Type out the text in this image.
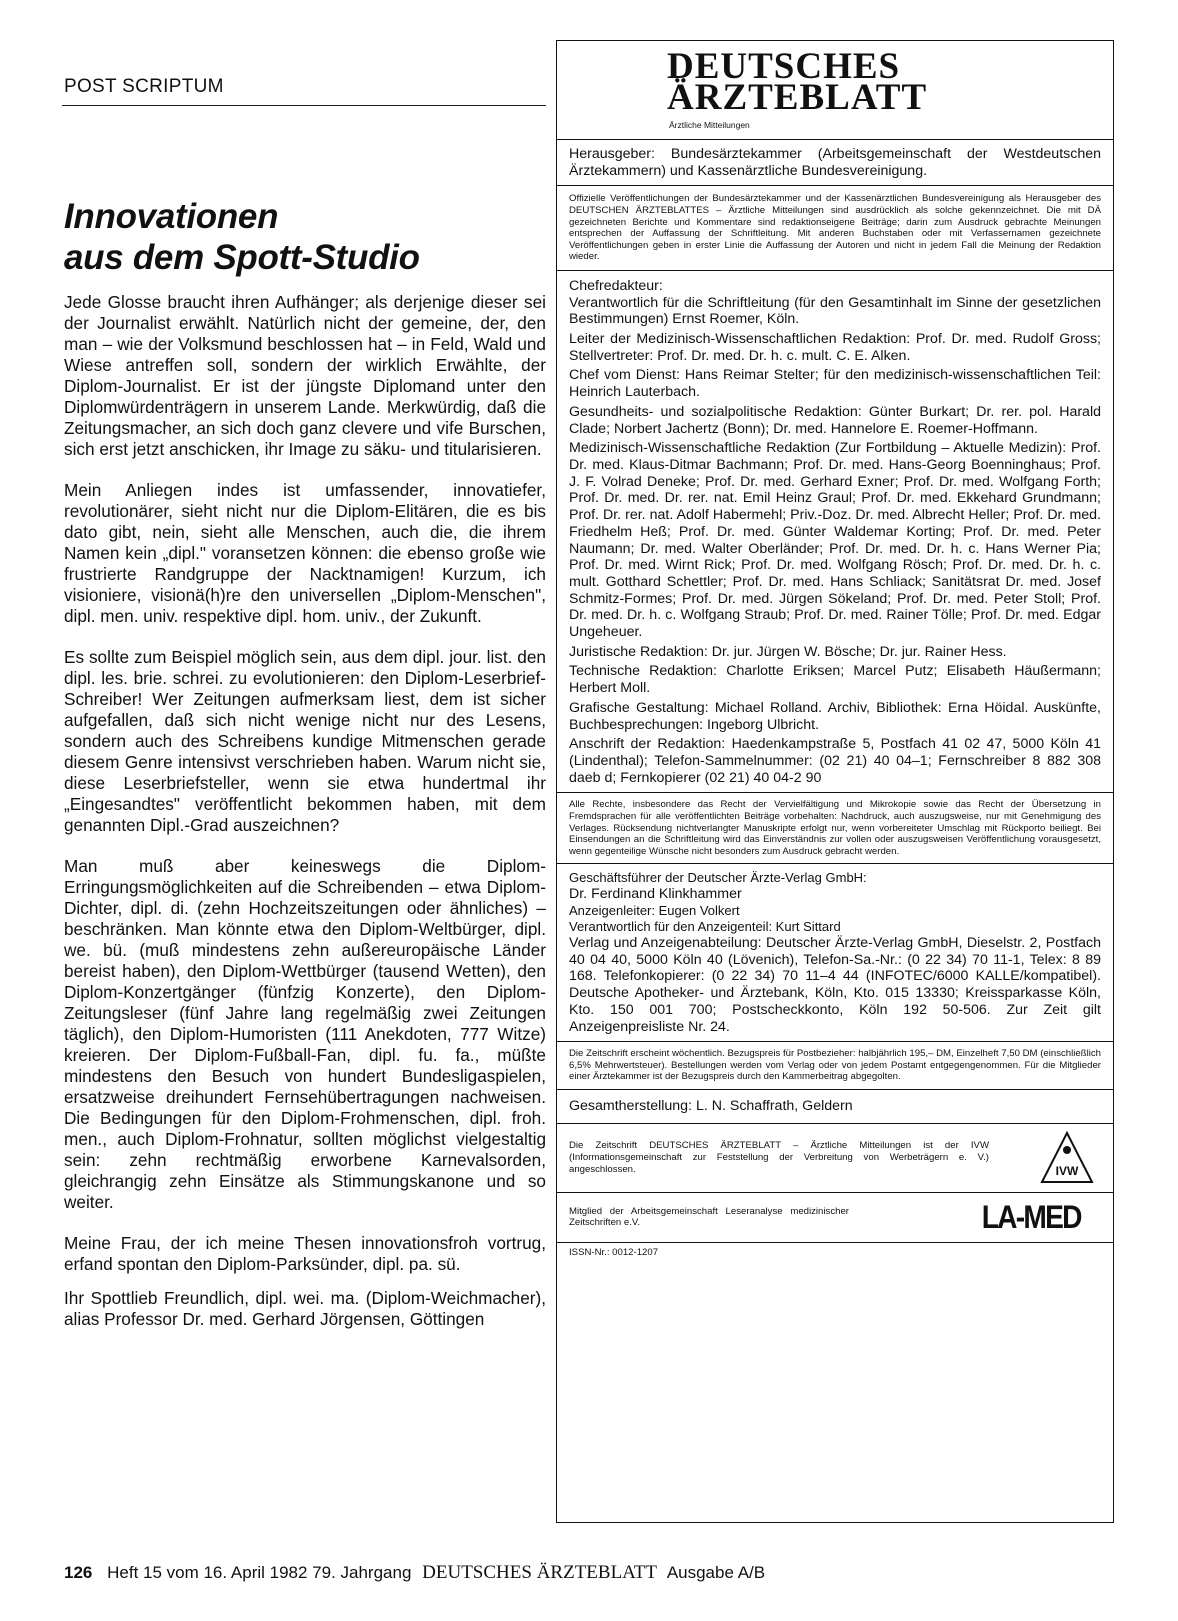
POST SCRIPTUM
Innovationen
aus dem Spott-Studio

Jede Glosse braucht ihren Aufhänger; als derjenige dieser sei der Journalist erwählt. Natürlich nicht der gemeine, der, den man – wie der Volksmund beschlossen hat – in Feld, Wald und Wiese antreffen soll, sondern der wirklich Erwählte, der Diplom-Journalist. Er ist der jüngste Diplomand unter den Diplomwürdenträgern in unserem Lande. Merkwürdig, daß die Zeitungsmacher, an sich doch ganz clevere und vife Burschen, sich erst jetzt anschicken, ihr Image zu säku- und titularisieren.

Mein Anliegen indes ist umfassender, innovatiefer, revolutionärer, sieht nicht nur die Diplom-Elitären, die es bis dato gibt, nein, sieht alle Menschen, auch die, die ihrem Namen kein „dipl." voransetzen können: die ebenso große wie frustrierte Randgruppe der Nacktnamigen! Kurzum, ich visioniere, visionä(h)re den universellen „Diplom-Menschen", dipl. men. univ. respektive dipl. hom. univ., der Zukunft.

Es sollte zum Beispiel möglich sein, aus dem dipl. jour. list. den dipl. les. brie. schrei. zu evolutionieren: den Diplom-Leserbrief-Schreiber! Wer Zeitungen aufmerksam liest, dem ist sicher aufgefallen, daß sich nicht wenige nicht nur des Lesens, sondern auch des Schreibens kundige Mitmenschen gerade diesem Genre intensivst verschrieben haben. Warum nicht sie, diese Leserbriefsteller, wenn sie etwa hundertmal ihr „Eingesandtes" veröffentlicht bekommen haben, mit dem genannten Dipl.-Grad auszeichnen?

Man muß aber keineswegs die Diplom-Erringungsmöglichkeiten auf die Schreibenden – etwa Diplom-Dichter, dipl. di. (zehn Hochzeitszeitungen oder ähnliches) – beschränken. Man könnte etwa den Diplom-Weltbürger, dipl. we. bü. (muß mindestens zehn außereuropäische Länder bereist haben), den Diplom-Wettbürger (tausend Wetten), den Diplom-Konzertgänger (fünfzig Konzerte), den Diplom-Zeitungsleser (fünf Jahre lang regelmäßig zwei Zeitungen täglich), den Diplom-Humoristen (111 Anekdoten, 777 Witze) kreieren. Der Diplom-Fußball-Fan, dipl. fu. fa., müßte mindestens den Besuch von hundert Bundesligaspielen, ersatzweise dreihundert Fernsehübertragungen nachweisen. Die Bedingungen für den Diplom-Frohmenschen, dipl. froh. men., auch Diplom-Frohnatur, sollten möglichst vielgestaltig sein: zehn rechtmäßig erworbene Karnevalsorden, gleichrangig zehn Einsätze als Stimmungskanone und so weiter.

Meine Frau, der ich meine Thesen innovationsfroh vortrug, erfand spontan den Diplom-Parksünder, dipl. pa. sü.

Ihr Spottlieb Freundlich, dipl. wei. ma. (Diplom-Weichmacher), alias Professor Dr. med. Gerhard Jörgensen, Göttingen

DEUTSCHES
ÄRZTEBLATT
Ärztliche Mitteilungen

Herausgeber: Bundesärztekammer (Arbeitsgemeinschaft der Westdeutschen Ärztekammern) und Kassenärztliche Bundesvereinigung.

Offizielle Veröffentlichungen der Bundesärztekammer und der Kassenärztlichen Bundesvereinigung als Herausgeber des DEUTSCHEN ÄRZTEBLATTES – Ärztliche Mitteilungen sind ausdrücklich als solche gekennzeichnet. Die mit DÄ gezeichneten Berichte und Kommentare sind redaktionseigene Beiträge; darin zum Ausdruck gebrachte Meinungen entsprechen der Auffassung der Schriftleitung. Mit anderen Buchstaben oder mit Verfassernamen gezeichnete Veröffentlichungen geben in erster Linie die Auffassung der Autoren und nicht in jedem Fall die Meinung der Redaktion wieder.

Chefredakteur:

Verantwortlich für die Schriftleitung (für den Gesamtinhalt im Sinne der gesetzlichen Bestimmungen) Ernst Roemer, Köln.

Leiter der Medizinisch-Wissenschaftlichen Redaktion: Prof. Dr. med. Rudolf Gross; Stellvertreter: Prof. Dr. med. Dr. h. c. mult. C. E. Alken.

Chef vom Dienst: Hans Reimar Stelter; für den medizinisch-wissenschaftlichen Teil: Heinrich Lauterbach.

Gesundheits- und sozialpolitische Redaktion: Günter Burkart; Dr. rer. pol. Harald Clade; Norbert Jachertz (Bonn); Dr. med. Hannelore E. Roemer-Hoffmann.

Medizinisch-Wissenschaftliche Redaktion (Zur Fortbildung – Aktuelle Medizin): Prof. Dr. med. Klaus-Ditmar Bachmann; Prof. Dr. med. Hans-Georg Boenninghaus; Prof. J. F. Volrad Deneke; Prof. Dr. med. Gerhard Exner; Prof. Dr. med. Wolfgang Forth; Prof. Dr. med. Dr. rer. nat. Emil Heinz Graul; Prof. Dr. med. Ekkehard Grundmann; Prof. Dr. rer. nat. Adolf Habermehl; Priv.-Doz. Dr. med. Albrecht Heller; Prof. Dr. med. Friedhelm Heß; Prof. Dr. med. Günter Waldemar Korting; Prof. Dr. med. Peter Naumann; Dr. med. Walter Oberländer; Prof. Dr. med. Dr. h. c. Hans Werner Pia; Prof. Dr. med. Wirnt Rick; Prof. Dr. med. Wolfgang Rösch; Prof. Dr. med. Dr. h. c. mult. Gotthard Schettler; Prof. Dr. med. Hans Schliack; Sanitätsrat Dr. med. Josef Schmitz-Formes; Prof. Dr. med. Jürgen Sökeland; Prof. Dr. med. Peter Stoll; Prof. Dr. med. Dr. h. c. Wolfgang Straub; Prof. Dr. med. Rainer Tölle; Prof. Dr. med. Edgar Ungeheuer.

Juristische Redaktion: Dr. jur. Jürgen W. Bösche; Dr. jur. Rainer Hess.

Technische Redaktion: Charlotte Eriksen; Marcel Putz; Elisabeth Häußermann; Herbert Moll.

Grafische Gestaltung: Michael Rolland. Archiv, Bibliothek: Erna Höidal. Auskünfte, Buchbesprechungen: Ingeborg Ulbricht.

Anschrift der Redaktion: Haedenkampstraße 5, Postfach 41 02 47, 5000 Köln 41 (Lindenthal); Telefon-Sammelnummer: (02 21) 40 04–1; Fernschreiber 8 882 308 daeb d; Fernkopierer (02 21) 40 04-2 90

Alle Rechte, insbesondere das Recht der Vervielfältigung und Mikrokopie sowie das Recht der Übersetzung in Fremdsprachen für alle veröffentlichten Beiträge vorbehalten: Nachdruck, auch auszugsweise, nur mit Genehmigung des Verlages. Rücksendung nichtverlangter Manuskripte erfolgt nur, wenn vorbereiteter Umschlag mit Rückporto beiliegt. Bei Einsendungen an die Schriftleitung wird das Einverständnis zur vollen oder auszugsweisen Veröffentlichung vorausgesetzt, wenn gegenteilige Wünsche nicht besonders zum Ausdruck gebracht werden.
Geschäftsführer der Deutscher Ärzte-Verlag GmbH:
Dr. Ferdinand Klinkhammer
Anzeigenleiter: Eugen Volkert
Verantwortlich für den Anzeigenteil: Kurt Sittard

Verlag und Anzeigenabteilung: Deutscher Ärzte-Verlag GmbH, Dieselstr. 2, Postfach 40 04 40, 5000 Köln 40 (Lövenich), Telefon-Sa.-Nr.: (0 22 34) 70 11-1, Telex: 8 89 168. Telefonkopierer: (0 22 34) 70 11–4 44 (INFOTEC/6000 KALLE/kompatibel). Deutsche Apotheker- und Ärztebank, Köln, Kto. 015 13330; Kreissparkasse Köln, Kto. 150 001 700; Postscheckkonto, Köln 192 50-506. Zur Zeit gilt Anzeigenpreisliste Nr. 24.

Die Zeitschrift erscheint wöchentlich. Bezugspreis für Postbezieher: halbjährlich 195,– DM, Einzelheft 7,50 DM (einschließlich 6,5% Mehrwertsteuer). Bestellungen werden vom Verlag oder von jedem Postamt entgegengenommen. Für die Mitglieder einer Ärztekammer ist der Bezugspreis durch den Kammerbeitrag abgegolten.

Gesamtherstellung: L. N. Schaffrath, Geldern

Die Zeitschrift DEUTSCHES ÄRZTEBLATT – Ärztliche Mitteilungen ist der IVW (Informationsgemeinschaft zur Feststellung der Verbreitung von Werbeträgern e. V.) angeschlossen.	IVW
Mitglied der Arbeitsgemeinschaft Leseranalyse medizinischer Zeitschriften e.V.	LA-MED
ISSN-Nr.: 0012-1207
126 Heft 15 vom 16. April 1982 79. Jahrgang DEUTSCHES ÄRZTEBLATT Ausgabe A/B
